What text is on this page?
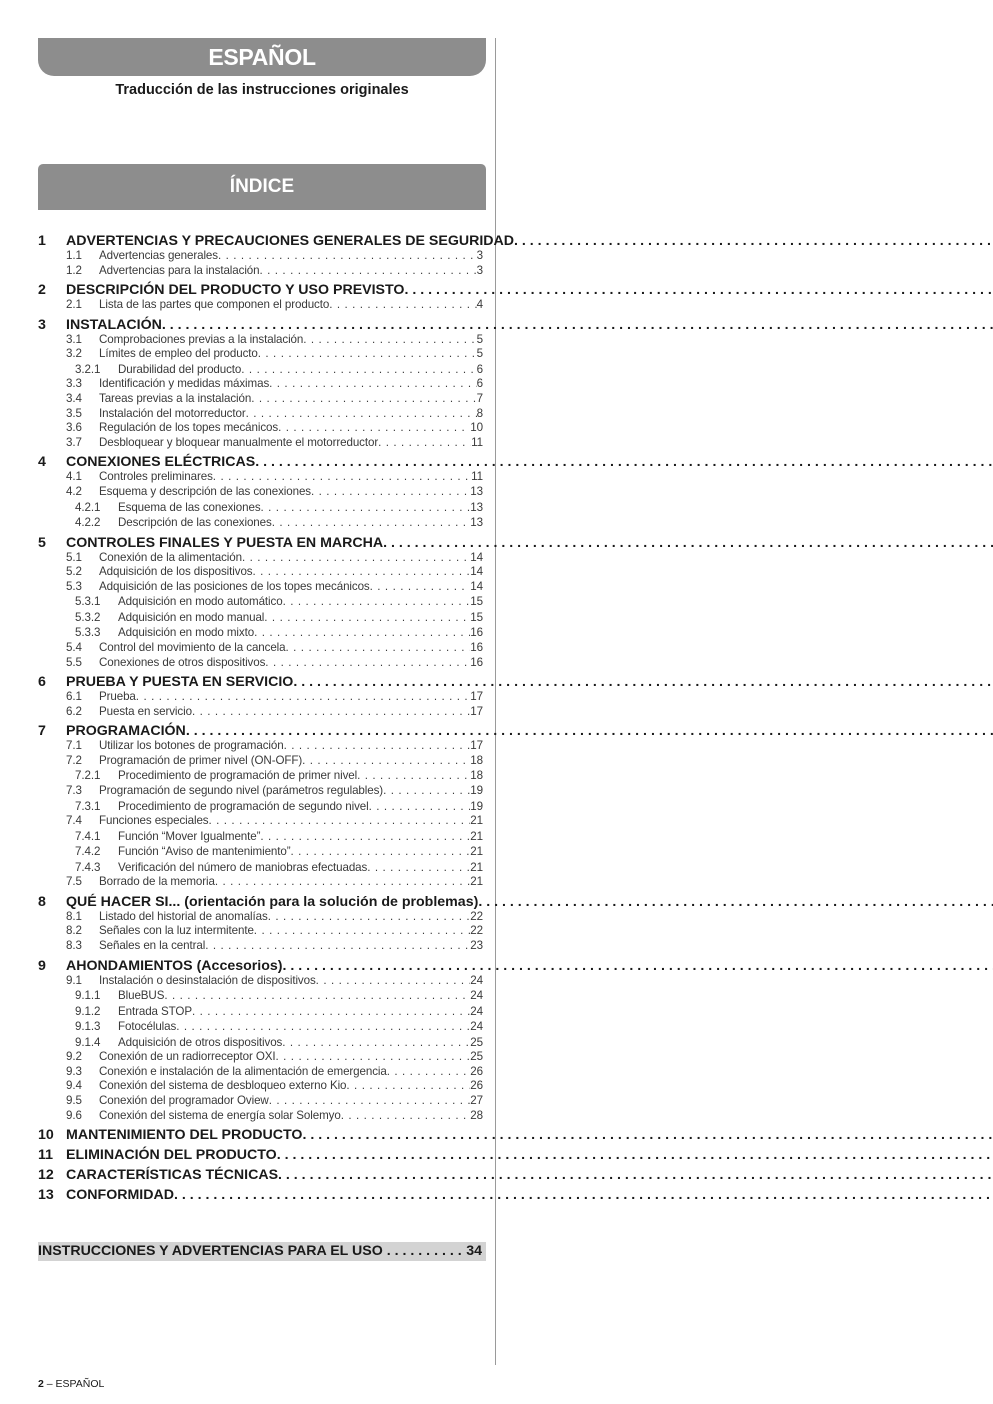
ESPAÑOL
Traducción de las instrucciones originales
ÍNDICE
1	ADVERTENCIAS Y PRECAUCIONES GENERALES DE SEGURIDAD
. . .
1.1	Advertencias generales . . .	3
1.2	Advertencias para la instalación . . .	3
2	DESCRIPCIÓN DEL PRODUCTO Y USO PREVISTO
. . .
2.1	Lista de las partes que componen el producto . . .	4
3	INSTALACIÓN
. . .
3.1	Comprobaciones previas a la instalación . . .	5
3.2	Límites de empleo del producto . . .	5
3.2.1	Durabilidad del producto . . .	6
3.3	Identificación y medidas máximas . . .	6
3.4	Tareas previas a la instalación . . .	7
3.5	Instalación del motorreductor . . .	8
3.6	Regulación de los topes mecánicos . . .	10
3.7	Desbloquear y bloquear manualmente el motorreductor . . .	11
4	CONEXIONES ELÉCTRICAS
. . .
4.1	Controles preliminares . . .	11
4.2	Esquema y descripción de las conexiones . . .	13
4.2.1	Esquema de las conexiones . . .	13
4.2.2	Descripción de las conexiones . . .	13
5	CONTROLES FINALES Y PUESTA EN MARCHA
. . .
5.1	Conexión de la alimentación . . .	14
5.2	Adquisición de los dispositivos . . .	14
5.3	Adquisición de las posiciones de los topes mecánicos . . .	14
5.3.1	Adquisición en modo automático . . .	15
5.3.2	Adquisición en modo manual . . .	15
5.3.3	Adquisición en modo mixto . . .	16
5.4	Control del movimiento de la cancela . . .	16
5.5	Conexiones de otros dispositivos . . .	16
6	PRUEBA Y PUESTA EN SERVICIO
. . .
6.1	Prueba . . .	17
6.2	Puesta en servicio . . .	17
7	PROGRAMACIÓN
. . .
7.1	Utilizar los botones de programación . . .	17
7.2	Programación de primer nivel (ON-OFF) . . .	18
7.2.1	Procedimiento de programación de primer nivel . . .	18
7.3	Programación de segundo nivel (parámetros regulables) . . .	19
7.3.1	Procedimiento de programación de segundo nivel . . .	19
7.4	Funciones especiales . . .	21
7.4.1	Función “Mover Igualmente” . . .	21
7.4.2	Función “Aviso de mantenimiento” . . .	21
7.4.3	Verificación del número de maniobras efectuadas . . .	21
7.5	Borrado de la memoria . . .	21
8	QUÉ HACER SI... (orientación para la solución de problemas)
. . .
8.1	Listado del historial de anomalías . . .	22
8.2	Señales con la luz intermitente . . .	22
8.3	Señales en la central . . .	23
9	AHONDAMIENTOS (Accesorios)
. . .
9.1	Instalación o desinstalación de dispositivos . . .	24
9.1.1	BlueBUS . . .	24
9.1.2	Entrada STOP . . .	24
9.1.3	Fotocélulas . . .	24
9.1.4	Adquisición de otros dispositivos . . .	25
9.2	Conexión de un radiorreceptor OXI . . .	25
9.3	Conexión e instalación de la alimentación de emergencia . . .	26
9.4	Conexión del sistema de desbloqueo externo Kio . . .	26
9.5	Conexión del programador Oview . . .	27
9.6	Conexión del sistema de energía solar Solemyo . . .	28
10 MANTENIMIENTO DEL PRODUCTO
. . .
11 ELIMINACIÓN DEL PRODUCTO
. . .
12 CARACTERÍSTICAS TÉCNICAS
. . .
13 CONFORMIDAD
. . .
INSTRUCCIONES Y ADVERTENCIAS PARA EL USO . . .	34
2 – ESPAÑOL
